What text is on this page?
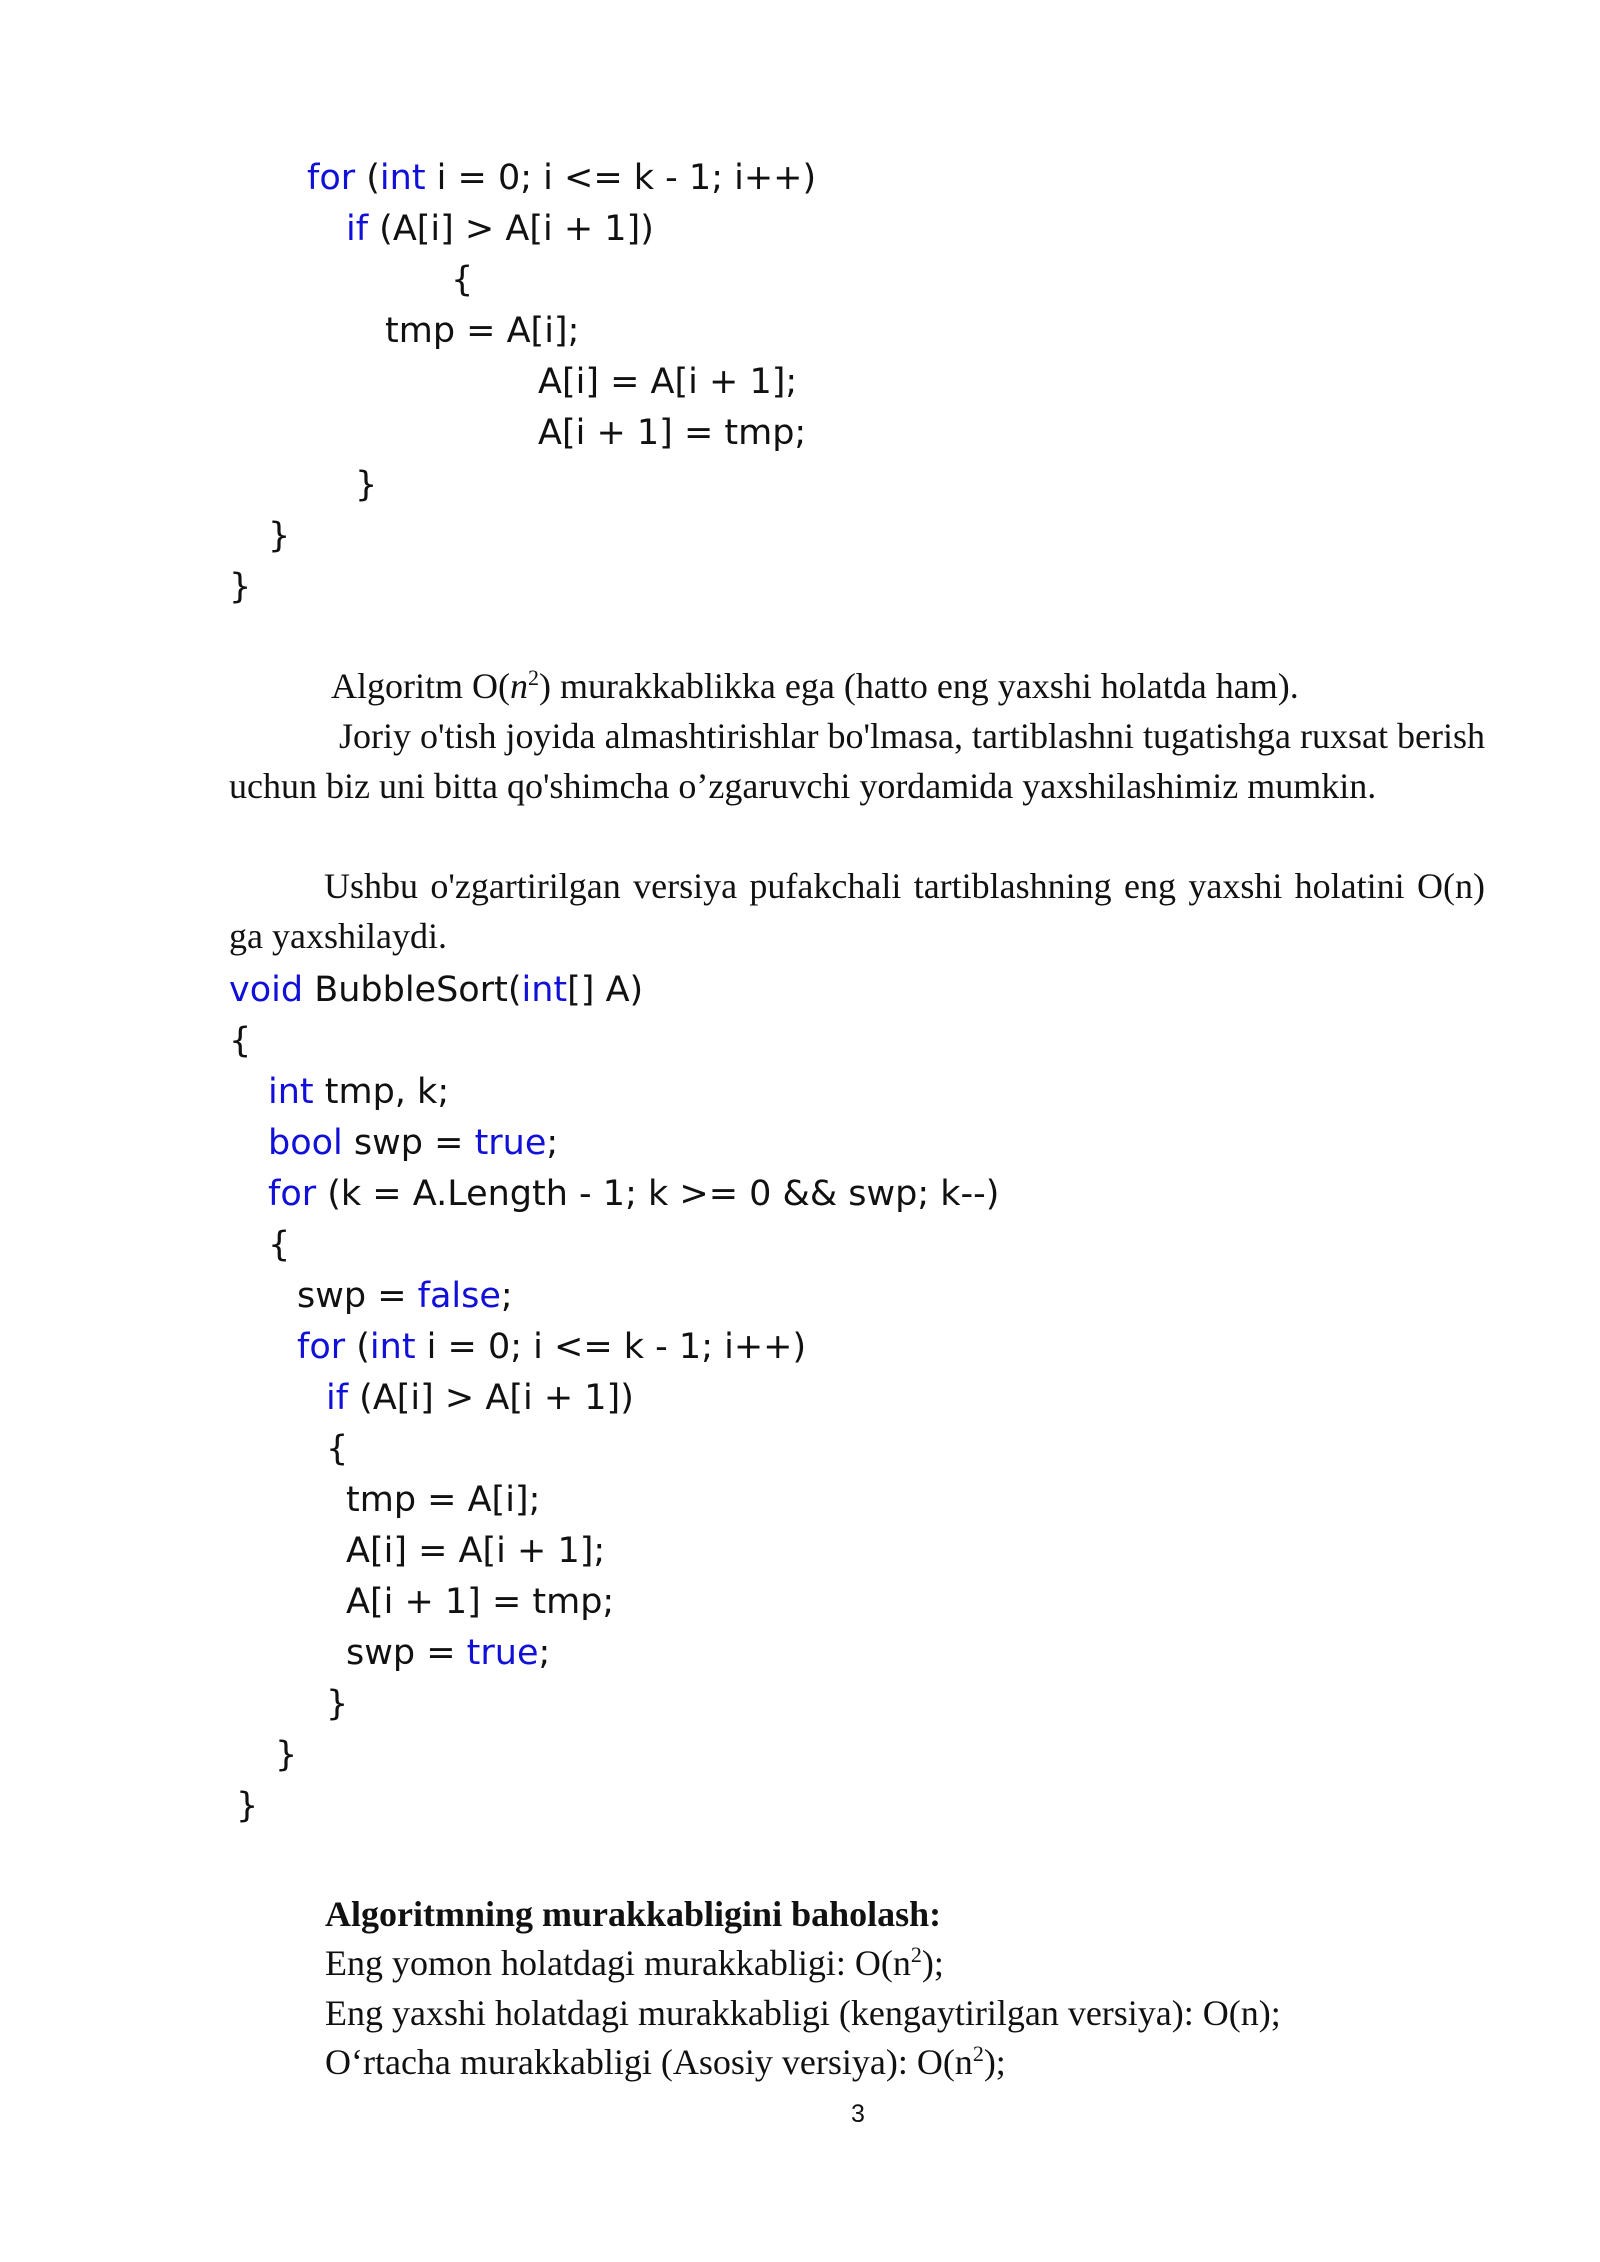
for (int i = 0; i <= k - 1; i++)
if (A[i] > A[i + 1])
{
tmp = A[i];
A[i] = A[i + 1];
A[i + 1] = tmp;
}
}
}
Algoritm $O(n^2)$ murakkablikka ega (hatto eng yaxshi holatda ham).
Joriy o'tish joyida almashtirishlar bo'lmasa, tartiblashni tugatishga ruxsat berish uchun biz uni bitta qo'shimcha o’zgaruvchi yordamida yaxshilashimiz mumkin.
Ushbu o'zgartirilgan versiya pufakchali tartiblashning eng yaxshi holatini O(n) ga yaxshilaydi.
void BubbleSort(int[] A)
{
int tmp, k;
bool swp = true;
for (k = A.Length - 1; k >= 0 && swp; k--)
{
swp = false;
for (int i = 0; i <= k - 1; i++)
if (A[i] > A[i + 1])
{
tmp = A[i];
A[i] = A[i + 1];
A[i + 1] = tmp;
swp = true;
}
}
}
Algoritmning murakkabligini baholash:
Eng yomon holatdagi murakkabligi: $O(n^2)$;
Eng yaxshi holatdagi murakkabligi (kengaytirilgan versiya): O(n);
O‘rtacha murakkabligi (Asosiy versiya): $O(n^2)$;
3
